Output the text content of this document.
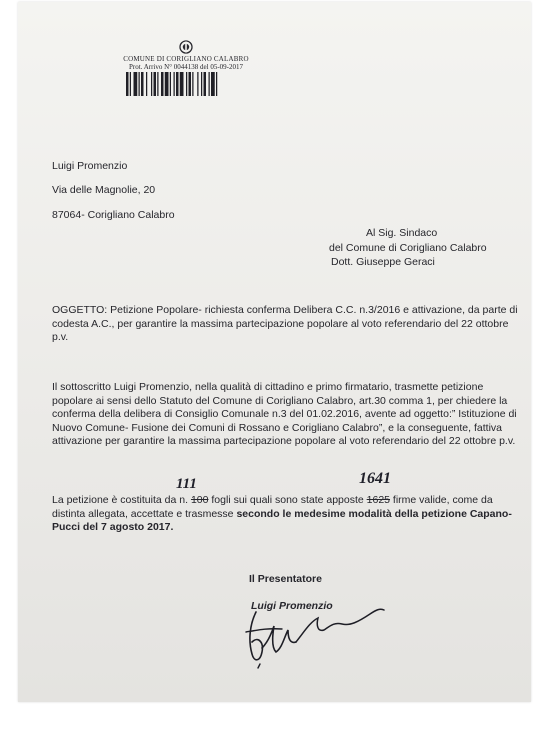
COMUNE DI CORIGLIANO CALABRO
Prot. Arrivo N° 0044138 del 05-09-2017
Luigi Promenzio
Via delle Magnolie, 20
87064- Corigliano Calabro
Al Sig. Sindaco
del Comune di Corigliano Calabro
Dott. Giuseppe Geraci
OGGETTO: Petizione Popolare- richiesta conferma Delibera C.C. n.3/2016 e attivazione, da parte di
codesta A.C., per garantire la massima partecipazione popolare al voto referendario del 22 ottobre
p.v.
Il sottoscritto Luigi Promenzio, nella qualità di cittadino e primo firmatario, trasmette petizione
popolare ai sensi dello Statuto del Comune di Corigliano Calabro, art.30 comma 1, per chiedere la
conferma della delibera di Consiglio Comunale n.3 del 01.02.2016, avente ad oggetto:” Istituzione di
Nuovo Comune- Fusione dei Comuni di Rossano e Corigliano Calabro”, e la conseguente, fattiva
attivazione per garantire la massima partecipazione popolare al voto referendario del 22 ottobre p.v.
La petizione è costituita da n. 100 fogli sui quali sono state apposte 1625 firme valide, come da
distinta allegata, accettate e trasmesse secondo le medesime modalità della petizione Capano-
Pucci del 7 agosto 2017.
111	1641
Il Presentatore
Luigi Promenzio
